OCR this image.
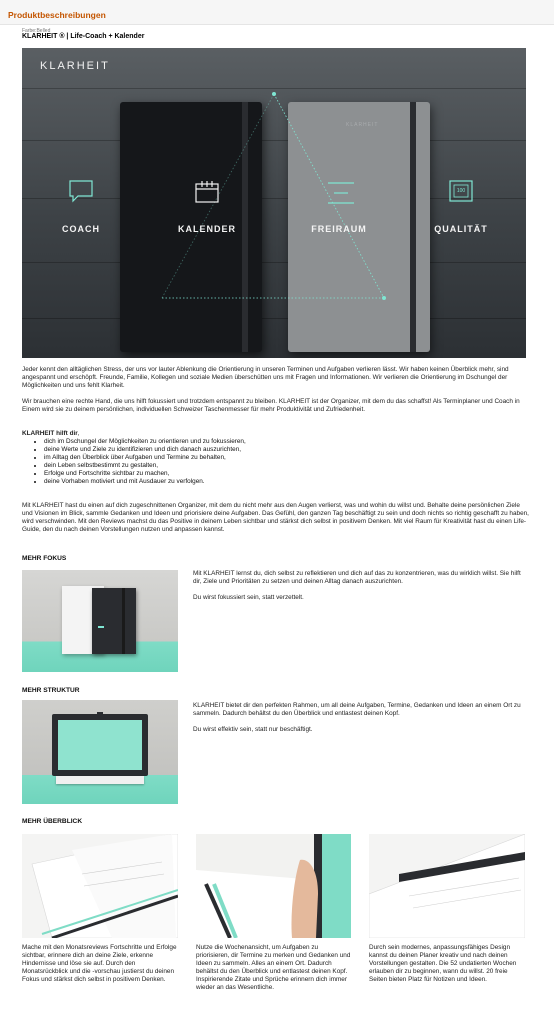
Produktbeschreibungen
Farbe:Belled
KLARHEIT ® | Life-Coach + Kalender
KLARHEIT
KLARHEIT
100
COACH	KALENDER	FREIRAUM	QUALITÄT

Jeder kennt den alltäglichen Stress, der uns vor lauter Ablenkung die Orientierung in unseren Terminen und Aufgaben verlieren lässt. Wir haben keinen Überblick mehr, sind angespannt und erschöpft. Freunde, Familie, Kollegen und soziale Medien überschütten uns mit Fragen und Informationen. Wir verlieren die Orientierung im Dschungel der Möglichkeiten und uns fehlt Klarheit.

Wir brauchen eine rechte Hand, die uns hilft fokussiert und trotzdem entspannt zu bleiben. KLARHEIT ist der Organizer, mit dem du das schaffst! Als Terminplaner und Coach in Einem wird sie zu deinem persönlichen, individuellen Schweizer Taschenmesser für mehr Produktivität und Zufriedenheit.

KLARHEIT hilft dir,
• dich im Dschungel der Möglichkeiten zu orientieren und zu fokussieren,
• deine Werte und Ziele zu identifizieren und dich danach auszurichten,
• im Alltag den Überblick über Aufgaben und Termine zu behalten,
• dein Leben selbstbestimmt zu gestalten,
• Erfolge und Fortschritte sichtbar zu machen,
• deine Vorhaben motiviert und mit Ausdauer zu verfolgen.

Mit KLARHEIT hast du einen auf dich zugeschnittenen Organizer, mit dem du nicht mehr aus den Augen verlierst, was und wohin du willst und. Behalte deine persönlichen Ziele und Visionen im Blick, sammle Gedanken und Ideen und priorisiere deine Aufgaben. Das Gefühl, den ganzen Tag beschäftigt zu sein und doch nichts so richtig geschafft zu haben, wird verschwinden. Mit den Reviews machst du das Positive in deinem Leben sichtbar und stärkst dich selbst in positivem Denken. Mit viel Raum für Kreativität hast du einen Life-Guide, den du nach deinen Vorstellungen nutzen und anpassen kannst.

MEHR FOKUS

Mit KLARHEIT lernst du, dich selbst zu reflektieren und dich auf das zu konzentrieren, was du wirklich willst. Sie hilft dir, Ziele und Prioritäten zu setzen und deinen Alltag danach auszurichten.

Du wirst fokussiert sein, statt verzettelt.

MEHR STRUKTUR

KLARHEIT bietet dir den perfekten Rahmen, um all deine Aufgaben, Termine, Gedanken und Ideen an einem Ort zu sammeln. Dadurch behältst du den Überblick und entlastest deinen Kopf.

Du wirst effektiv sein, statt nur beschäftigt.

MEHR ÜBERBLICK
Mache mit den Monatsreviews Fortschritte und Erfolge sichtbar, erinnere dich an deine Ziele, erkenne Hindernisse und löse sie auf. Durch den Monatsrückblick und die -vorschau justierst du deinen Fokus und stärkst dich selbst in positivem Denken.
Nutze die Wochenansicht, um Aufgaben zu priorisieren, dir Termine zu merken und Gedanken und Ideen zu sammeln. Alles an einem Ort. Dadurch behältst du den Überblick und entlastest deinen Kopf. Inspirierende Zitate und Sprüche erinnern dich immer wieder an das Wesentliche.
Durch sein modernes, anpassungsfähiges Design kannst du deinen Planer kreativ und nach deinen Vorstellungen gestalten. Die 52 undatierten Wochen erlauben dir zu beginnen, wann du willst. 20 freie Seiten bieten Platz für Notizen und Ideen.
